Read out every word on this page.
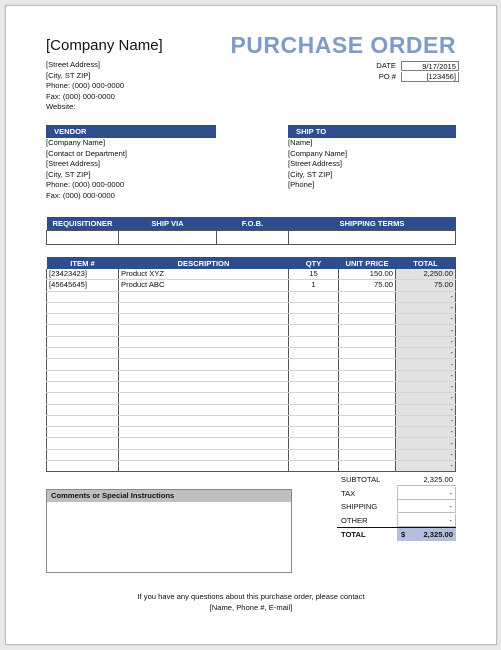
[Company Name]	PURCHASE ORDER
[Street Address]
[City, ST ZIP]
Phone: (000) 000-0000
Fax: (000) 000-0000
Website:
DATE	9/17/2015
PO #	[123456]
VENDOR	SHIP TO
[Company Name]
[Contact or Department]
[Street Address]
[City, ST ZIP]
Phone: (000) 000-0000
Fax: (000) 000-0000
[Name]
[Company Name]
[Street Address]
[City, ST ZIP]
[Phone]
REQUISITIONER	SHIP VIA	F.O.B.	SHIPPING TERMS

ITEM #	DESCRIPTION	QTY	UNIT PRICE	TOTAL
[23423423]	Product XYZ	15	150.00	2,250.00
[45645645]	Product ABC	1	75.00	75.00
				-
				-
				-
				-
				-
				-
				-
				-
				-
				-
				-
				-
				-
				-
				-
				-
Comments or Special Instructions
SUBTOTAL	2,325.00
TAX	-
SHIPPING	-
OTHER	-
TOTAL	$ 2,325.00
If you have any questions about this purchase order, please contact
[Name, Phone #, E-mail]
